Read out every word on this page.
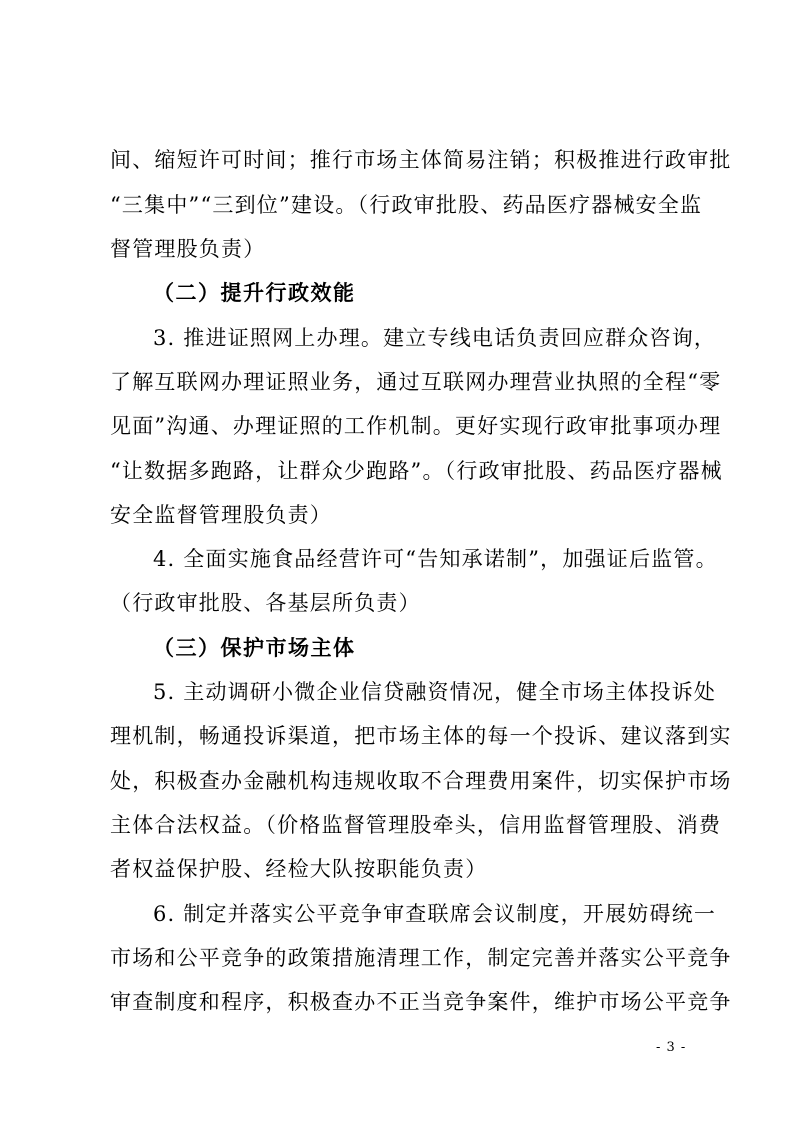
间、缩短许可时间；推行市场主体简易注销；积极推进行政审批
“三集中”“三到位”建设。（行政审批股、药品医疗器械安全监
督管理股负责）
（二）提升行政效能
3. 推进证照网上办理。建立专线电话负责回应群众咨询，
了解互联网办理证照业务，通过互联网办理营业执照的全程“零
见面”沟通、办理证照的工作机制。更好实现行政审批事项办理
“让数据多跑路，让群众少跑路”。（行政审批股、药品医疗器械
安全监督管理股负责）
4. 全面实施食品经营许可“告知承诺制”，加强证后监管。
（行政审批股、各基层所负责）
（三）保护市场主体
5. 主动调研小微企业信贷融资情况，健全市场主体投诉处
理机制，畅通投诉渠道，把市场主体的每一个投诉、建议落到实
处，积极查办金融机构违规收取不合理费用案件，切实保护市场
主体合法权益。（价格监督管理股牵头，信用监督管理股、消费
者权益保护股、经检大队按职能负责）
6. 制定并落实公平竞争审查联席会议制度，开展妨碍统一
市场和公平竞争的政策措施清理工作，制定完善并落实公平竞争
审查制度和程序，积极查办不正当竞争案件，维护市场公平竞争
- 3 -
